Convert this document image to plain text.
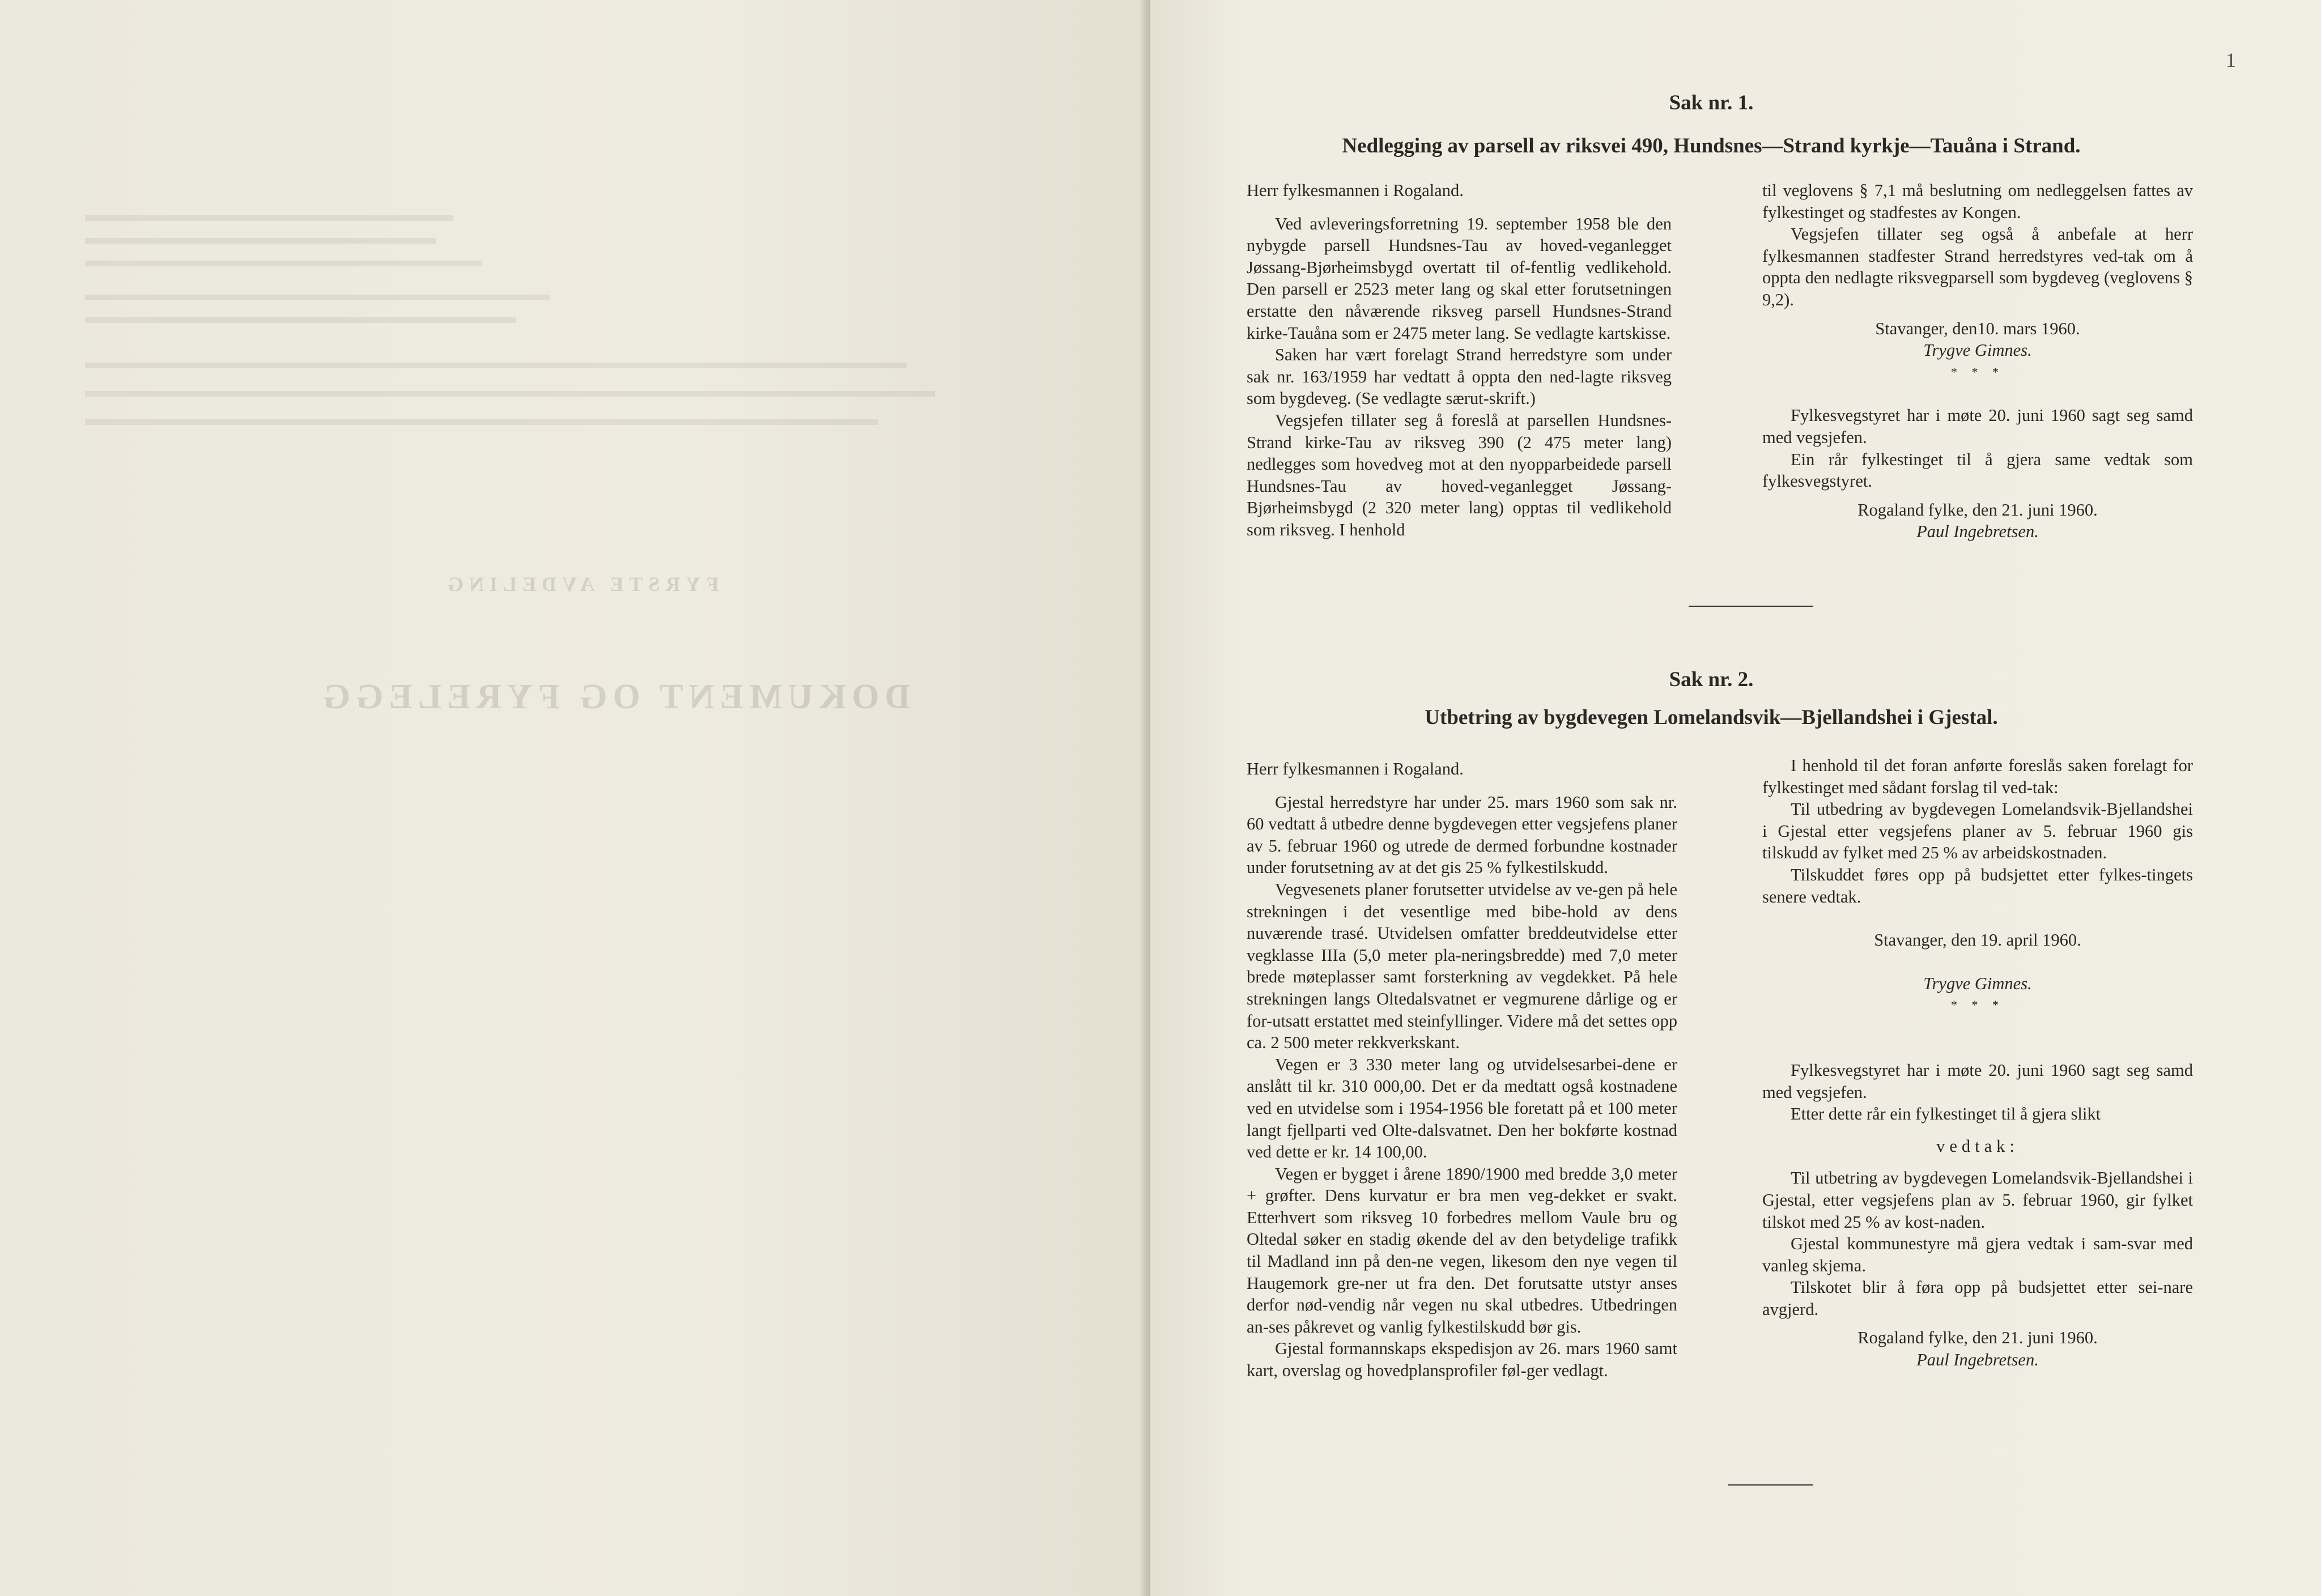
FYRSTE AVDELING
DOKUMENT OG FYRELEGG
1
Sak nr. 1.
Nedlegging av parsell av riksvei 490, Hundsnes—Strand kyrkje—Tauåna i Strand.

Herr fylkesmannen i Rogaland.

Ved avleveringsforretning 19. september 1958 ble den nybygde parsell Hundsnes-Tau av hoved-veganlegget Jøssang-Bjørheimsbygd overtatt til of-fentlig vedlikehold. Den parsell er 2523 meter lang og skal etter forutsetningen erstatte den nåværende riksveg parsell Hundsnes-Strand kirke-Tauåna som er 2475 meter lang. Se vedlagte kartskisse.

Saken har vært forelagt Strand herredstyre som under sak nr. 163/1959 har vedtatt å oppta den ned-lagte riksveg som bygdeveg. (Se vedlagte særut-skrift.)

Vegsjefen tillater seg å foreslå at parsellen Hundsnes-Strand kirke-Tau av riksveg 390 (2 475 meter lang) nedlegges som hovedveg mot at den nyopparbeidede parsell Hundsnes-Tau av hoved-veganlegget Jøssang-Bjørheimsbygd (2 320 meter lang) opptas til vedlikehold som riksveg. I henhold

til veglovens § 7,1 må beslutning om nedleggelsen fattes av fylkestinget og stadfestes av Kongen.

Vegsjefen tillater seg også å anbefale at herr fylkesmannen stadfester Strand herredstyres ved-tak om å oppta den nedlagte riksvegparsell som bygdeveg (veglovens § 9,2).

Stavanger, den10. mars 1960.

Trygve Gimnes.

* * *

Fylkesvegstyret har i møte 20. juni 1960 sagt seg samd med vegsjefen.

Ein rår fylkestinget til å gjera same vedtak som fylkesvegstyret.

Rogaland fylke, den 21. juni 1960.

Paul Ingebretsen.

Sak nr. 2.
Utbetring av bygdevegen Lomelandsvik—Bjellandshei i Gjestal.

Herr fylkesmannen i Rogaland.

Gjestal herredstyre har under 25. mars 1960 som sak nr. 60 vedtatt å utbedre denne bygdevegen etter vegsjefens planer av 5. februar 1960 og utrede de dermed forbundne kostnader under forutsetning av at det gis 25 % fylkestilskudd.

Vegvesenets planer forutsetter utvidelse av ve-gen på hele strekningen i det vesentlige med bibe-hold av dens nuværende trasé. Utvidelsen omfatter breddeutvidelse etter vegklasse IIIa (5,0 meter pla-neringsbredde) med 7,0 meter brede møteplasser samt forsterkning av vegdekket. På hele strekningen langs Oltedalsvatnet er vegmurene dårlige og er for-utsatt erstattet med steinfyllinger. Videre må det settes opp ca. 2 500 meter rekkverkskant.

Vegen er 3 330 meter lang og utvidelsesarbei-dene er anslått til kr. 310 000,00. Det er da medtatt også kostnadene ved en utvidelse som i 1954-1956 ble foretatt på et 100 meter langt fjellparti ved Olte-dalsvatnet. Den her bokførte kostnad ved dette er kr. 14 100,00.

Vegen er bygget i årene 1890/1900 med bredde 3,0 meter + grøfter. Dens kurvatur er bra men veg-dekket er svakt. Etterhvert som riksveg 10 forbedres mellom Vaule bru og Oltedal søker en stadig økende del av den betydelige trafikk til Madland inn på den-ne vegen, likesom den nye vegen til Haugemork gre-ner ut fra den. Det forutsatte utstyr anses derfor nød-vendig når vegen nu skal utbedres. Utbedringen an-ses påkrevet og vanlig fylkestilskudd bør gis.

Gjestal formannskaps ekspedisjon av 26. mars 1960 samt kart, overslag og hovedplansprofiler føl-ger vedlagt.

I henhold til det foran anførte foreslås saken forelagt for fylkestinget med sådant forslag til ved-tak:

Til utbedring av bygdevegen Lomelandsvik-Bjellandshei i Gjestal etter vegsjefens planer av 5. februar 1960 gis tilskudd av fylket med 25 % av arbeidskostnaden.

Tilskuddet føres opp på budsjettet etter fylkes-tingets senere vedtak.

Stavanger, den 19. april 1960.

Trygve Gimnes.

* * *

Fylkesvegstyret har i møte 20. juni 1960 sagt seg samd med vegsjefen.

Etter dette rår ein fylkestinget til å gjera slikt

vedtak:

Til utbetring av bygdevegen Lomelandsvik-Bjellandshei i Gjestal, etter vegsjefens plan av 5. februar 1960, gir fylket tilskot med 25 % av kost-naden.

Gjestal kommunestyre må gjera vedtak i sam-svar med vanleg skjema.

Tilskotet blir å føra opp på budsjettet etter sei-nare avgjerd.

Rogaland fylke, den 21. juni 1960.

Paul Ingebretsen.
